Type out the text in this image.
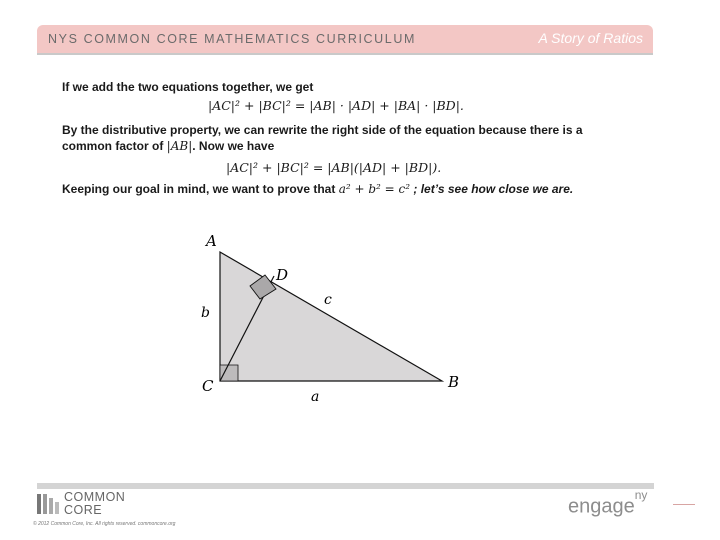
NYS COMMON CORE MATHEMATICS CURRICULUM	A Story of Ratios
If we add the two equations together, we get
|AC|² + |BC|² = |AB| · |AD| + |BA| · |BD|.
By the distributive property, we can rewrite the right side of the equation because there is a
common factor of |AB|. Now we have
|AC|² + |BC|² = |AB|(|AD| + |BD|).
Keeping our goal in mind, we want to prove that a² + b² = c² ; let’s see how close we are.
A
D
c
b
C	B
a
COMMON
CORE
© 2012 Common Core, Inc. All rights reserved. commoncore.org
engage$^{ny}$
